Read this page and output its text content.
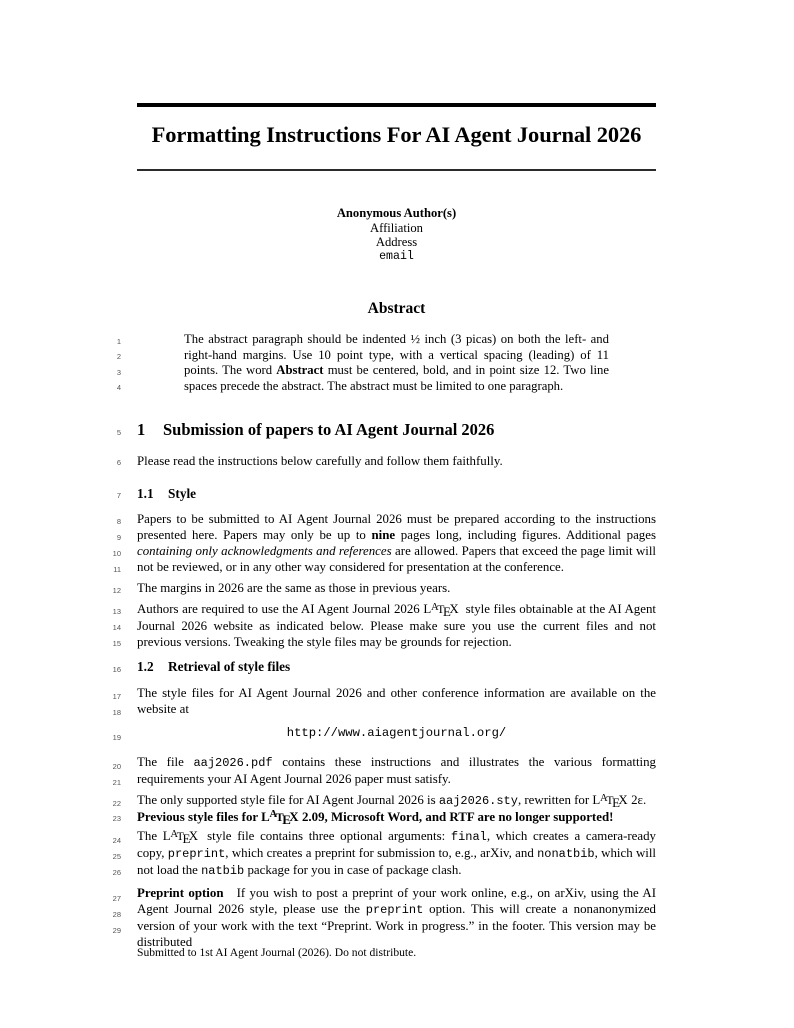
1
2
3
4
5
6
7
8
9
10
11
12
13
14
15
16
17
18
19
20
21
22
23
24
25
26
27
28
29
Formatting Instructions For AI Agent Journal 2026
Anonymous Author(s)
Affiliation
Address
email
Abstract
The abstract paragraph should be indented ½ inch (3 picas) on both the left- and right-hand margins. Use 10 point type, with a vertical spacing (leading) of 11 points. The word Abstract must be centered, bold, and in point size 12. Two line spaces precede the abstract. The abstract must be limited to one paragraph.
1 Submission of papers to AI Agent Journal 2026
Please read the instructions below carefully and follow them faithfully.
1.1 Style
Papers to be submitted to AI Agent Journal 2026 must be prepared according to the instructions presented here. Papers may only be up to nine pages long, including figures. Additional pages containing only acknowledgments and references are allowed. Papers that exceed the page limit will not be reviewed, or in any other way considered for presentation at the conference.
The margins in 2026 are the same as those in previous years.
Authors are required to use the AI Agent Journal 2026 $L^ATEX$ style files obtainable at the AI Agent Journal 2026 website as indicated below. Please make sure you use the current files and not previous versions. Tweaking the style files may be grounds for rejection.
1.2 Retrieval of style files
The style files for AI Agent Journal 2026 and other conference information are available on the website at
http://www.aiagentjournal.org/
The file aaj2026.pdf contains these instructions and illustrates the various formatting requirements your AI Agent Journal 2026 paper must satisfy.
The only supported style file for AI Agent Journal 2026 is aaj2026.sty, rewritten for $L^ATEX$ 2ε.
Previous style files for $L^ATEX$ 2.09, Microsoft Word, and RTF are no longer supported!
The $L^ATEX$ style file contains three optional arguments: final, which creates a camera-ready copy, preprint, which creates a preprint for submission to, e.g., arXiv, and nonatbib, which will not load the natbib package for you in case of package clash.
Preprint option If you wish to post a preprint of your work online, e.g., on arXiv, using the AI Agent Journal 2026 style, please use the preprint option. This will create a nonanonymized version of your work with the text “Preprint. Work in progress.” in the footer. This version may be distributed
Submitted to 1st AI Agent Journal (2026). Do not distribute.
